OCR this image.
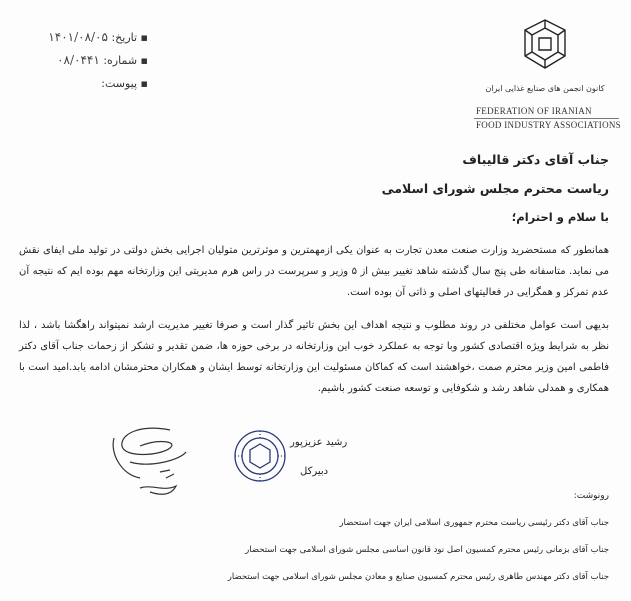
▪ تاریخ: ۱۴۰۱/۰۸/۰۵
▪ شماره: ۰۸/۰۴۴۱
▪ پیوست:	کانون انجمن های صنایع غذایی ایران
FEDERATION OF IRANIAN
FOOD INDUSTRY ASSOCIATIONS
جناب آقای دکتر قالیباف
ریاست محترم مجلس شورای اسلامی
با سلام و احترام؛
همانطور که مستحضرید وزارت صنعت معدن تجارت به عنوان یکی ازمهمترین و موثرترین متولیان اجرایی بخش دولتی در تولید ملی ایفای نقش می نماید. متاسفانه طی پنج سال گذشته شاهد تغییر بیش از ۵ وزیر و سرپرست در راس هرم مدیریتی این وزارتخانه مهم بوده ایم که نتیجه آن عدم تمرکز و همگرایی در فعالیتهای اصلی و ذاتی آن بوده است.
بدیهی است عوامل مختلفی در روند مطلوب و نتیجه اهداف این بخش تاثیر گذار است و صرفا تغییر مدیریت ارشد نمیتواند راهگشا باشد ، لذا نظر به شرایط ویژه اقتصادی کشور وبا توجه به عملکرد خوب این وزارتخانه در برخی حوزه ها، ضمن تقدیر و تشکر از زحمات جناب آقای دکتر فاطمی امین وزیر محترم صمت ،خواهشند است که کماکان مسئولیت این وزارتخانه توسط ایشان و همکاران محترمشان ادامه یابد.امید است با همکاری و همدلی شاهد رشد و شکوفایی و توسعه صنعت کشور باشیم.
رشید عزیزپور
دبیرکل
رونوشت:
جناب آقای دکتر رئیسی ریاست محترم جمهوری اسلامی ایران جهت استحضار
جناب آقای بزمانی رئیس محترم کمسیون اصل نود قانون اساسی مجلس شورای اسلامی جهت استحضار
جناب آقای دکتر مهندس طاهری رئیس محترم کمسیون صنایع و معادن مجلس شورای اسلامی جهت استحضار
